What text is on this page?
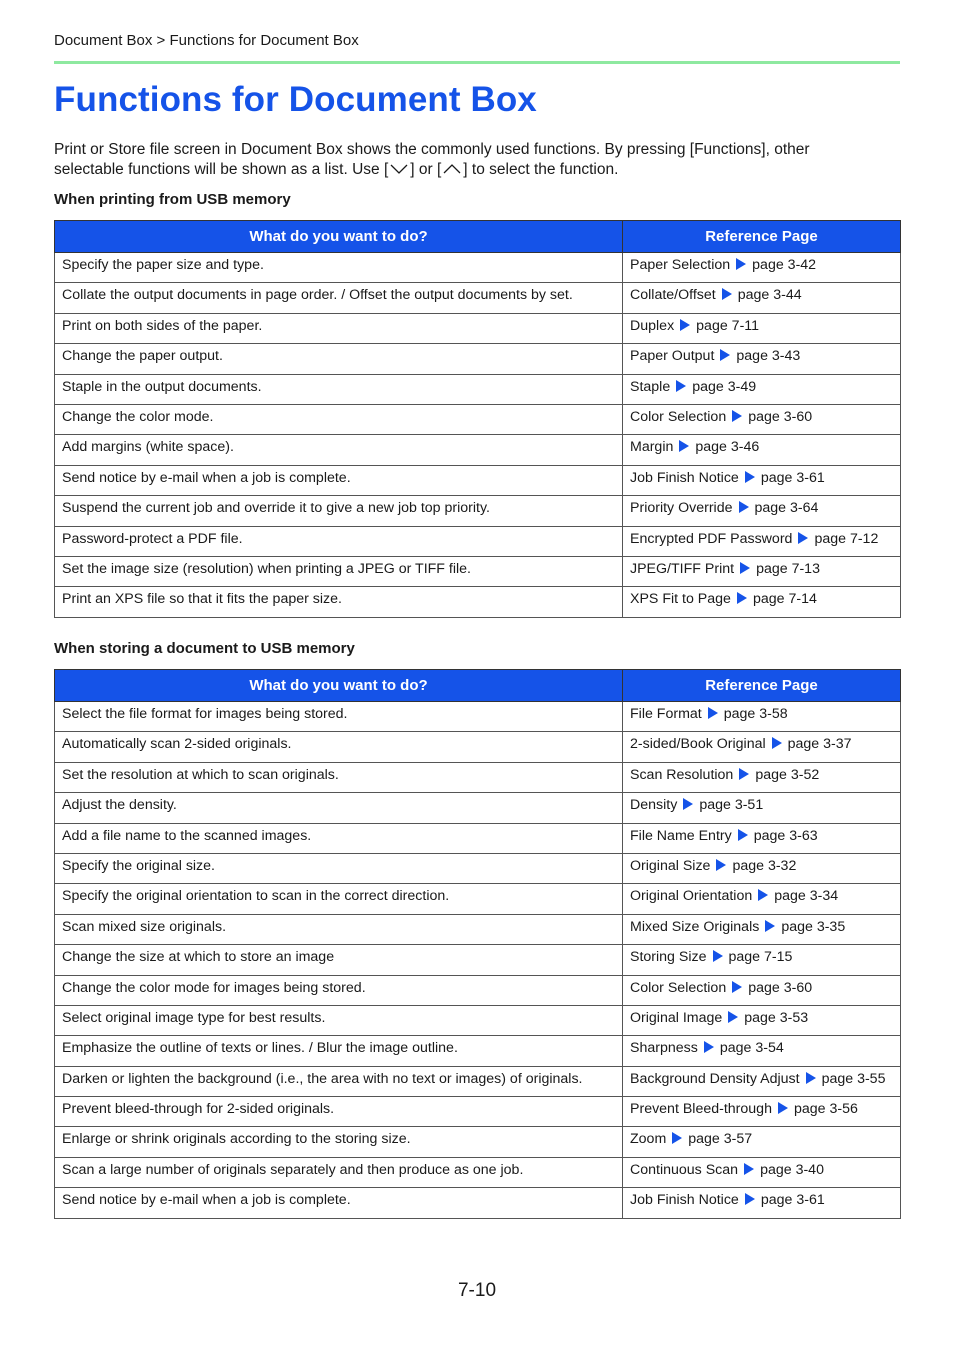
Document Box > Functions for Document Box
Functions for Document Box

Print or Store file screen in Document Box shows the commonly used functions. By pressing [Functions], other
selectable functions will be shown as a list. Use [ ] or [ ] to select the function.

When printing from USB memory
What do you want to do?	Reference Page
Specify the paper size and type.	Paper Selection page 3-42
Collate the output documents in page order. / Offset the output documents by set.	Collate/Offset page 3-44
Print on both sides of the paper.	Duplex page 7-11
Change the paper output.	Paper Output page 3-43
Staple in the output documents.	Staple page 3-49
Change the color mode.	Color Selection page 3-60
Add margins (white space).	Margin page 3-46
Send notice by e-mail when a job is complete.	Job Finish Notice page 3-61
Suspend the current job and override it to give a new job top priority.	Priority Override page 3-64
Password-protect a PDF file.	Encrypted PDF Password page 7-12
Set the image size (resolution) when printing a JPEG or TIFF file.	JPEG/TIFF Print page 7-13
Print an XPS file so that it fits the paper size.	XPS Fit to Page page 7-14
When storing a document to USB memory
What do you want to do?	Reference Page
Select the file format for images being stored.	File Format page 3-58
Automatically scan 2-sided originals.	2-sided/Book Original page 3-37
Set the resolution at which to scan originals.	Scan Resolution page 3-52
Adjust the density.	Density page 3-51
Add a file name to the scanned images.	File Name Entry page 3-63
Specify the original size.	Original Size page 3-32
Specify the original orientation to scan in the correct direction.	Original Orientation page 3-34
Scan mixed size originals.	Mixed Size Originals page 3-35
Change the size at which to store an image	Storing Size page 7-15
Change the color mode for images being stored.	Color Selection page 3-60
Select original image type for best results.	Original Image page 3-53
Emphasize the outline of texts or lines. / Blur the image outline.	Sharpness page 3-54
Darken or lighten the background (i.e., the area with no text or images) of originals.	Background Density Adjust page 3-55
Prevent bleed-through for 2-sided originals.	Prevent Bleed-through page 3-56
Enlarge or shrink originals according to the storing size.	Zoom page 3-57
Scan a large number of originals separately and then produce as one job.	Continuous Scan page 3-40
Send notice by e-mail when a job is complete.	Job Finish Notice page 3-61
7-10
